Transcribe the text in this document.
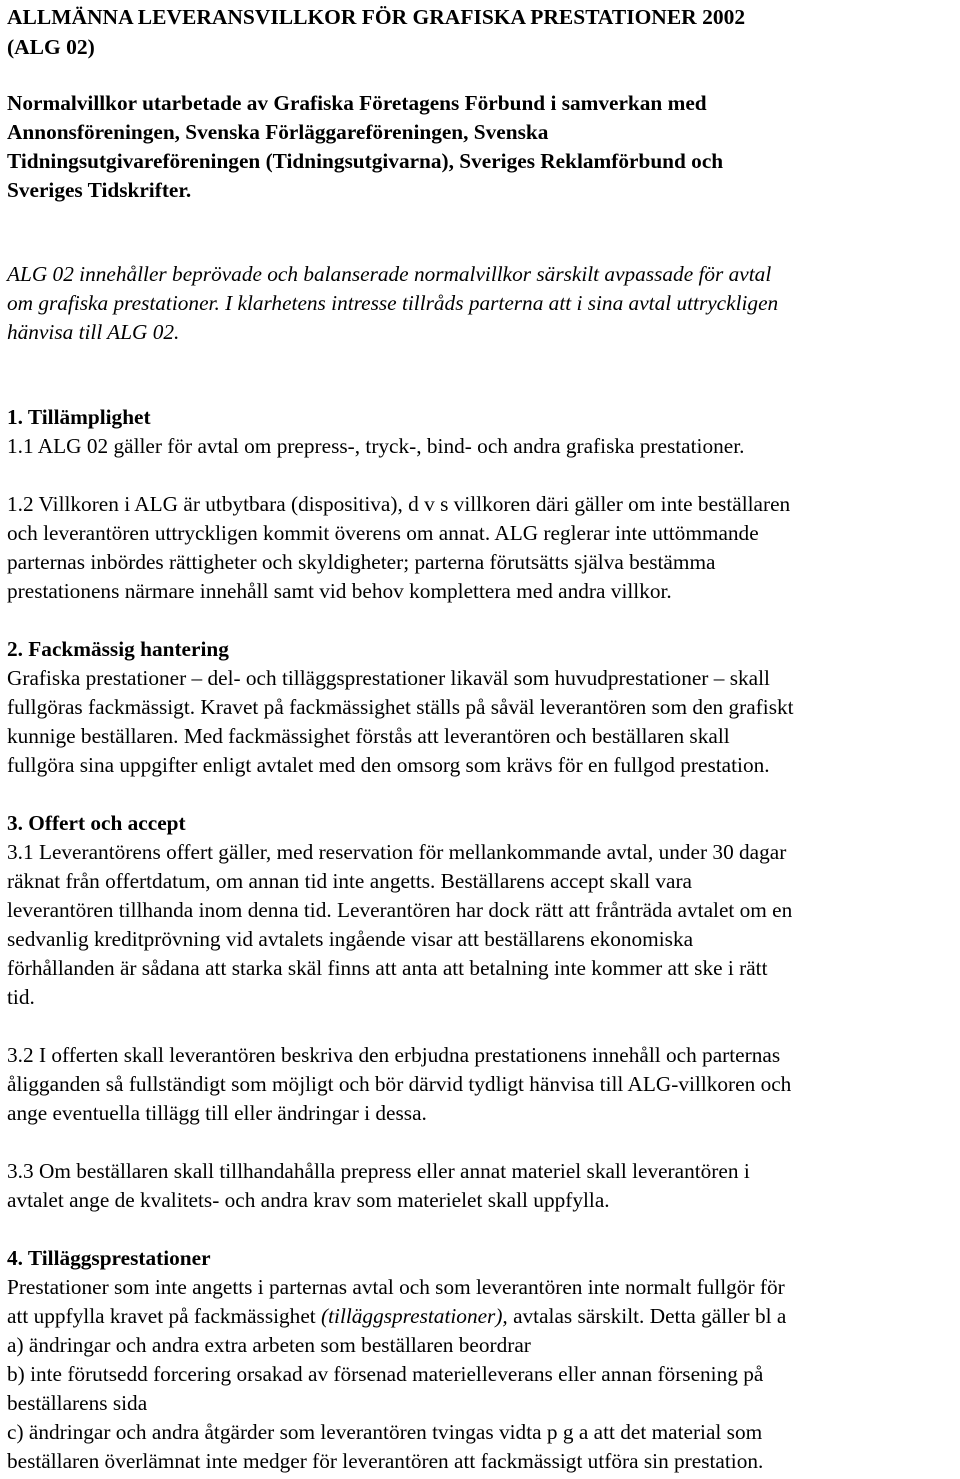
ALLMÄNNA LEVERANSVILLKOR FÖR GRAFISKA PRESTATIONER 2002
(ALG 02)
Normalvillkor utarbetade av Grafiska Företagens Förbund i samverkan med
Annonsföreningen, Svenska Förläggareföreningen, Svenska
Tidningsutgivareföreningen (Tidningsutgivarna), Sveriges Reklamförbund och
Sveriges Tidskrifter.
ALG 02 innehåller beprövade och balanserade normalvillkor särskilt avpassade för avtal
om grafiska prestationer. I klarhetens intresse tillråds parterna att i sina avtal uttryckligen
hänvisa till ALG 02.
1. Tillämplighet
1.1 ALG 02 gäller för avtal om prepress-, tryck-, bind- och andra grafiska prestationer.
1.2 Villkoren i ALG är utbytbara (dispositiva), d v s villkoren däri gäller om inte beställaren
och leverantören uttryckligen kommit överens om annat. ALG reglerar inte uttömmande
parternas inbördes rättigheter och skyldigheter; parterna förutsätts själva bestämma
prestationens närmare innehåll samt vid behov komplettera med andra villkor.
2. Fackmässig hantering
Grafiska prestationer – del- och tilläggsprestationer likaväl som huvudprestationer – skall
fullgöras fackmässigt. Kravet på fackmässighet ställs på såväl leverantören som den grafiskt
kunnige beställaren. Med fackmässighet förstås att leverantören och beställaren skall
fullgöra sina uppgifter enligt avtalet med den omsorg som krävs för en fullgod prestation.
3. Offert och accept
3.1 Leverantörens offert gäller, med reservation för mellankommande avtal, under 30 dagar
räknat från offertdatum, om annan tid inte angetts. Beställarens accept skall vara
leverantören tillhanda inom denna tid. Leverantören har dock rätt att frånträda avtalet om en
sedvanlig kreditprövning vid avtalets ingående visar att beställarens ekonomiska
förhållanden är sådana att starka skäl finns att anta att betalning inte kommer att ske i rätt
tid.
3.2 I offerten skall leverantören beskriva den erbjudna prestationens innehåll och parternas
åligganden så fullständigt som möjligt och bör därvid tydligt hänvisa till ALG-villkoren och
ange eventuella tillägg till eller ändringar i dessa.
3.3 Om beställaren skall tillhandahålla prepress eller annat materiel skall leverantören i
avtalet ange de kvalitets- och andra krav som materielet skall uppfylla.
4. Tilläggsprestationer
Prestationer som inte angetts i parternas avtal och som leverantören inte normalt fullgör för
att uppfylla kravet på fackmässighet (tilläggsprestationer), avtalas särskilt. Detta gäller bl a
a) ändringar och andra extra arbeten som beställaren beordrar
b) inte förutsedd forcering orsakad av försenad materielleverans eller annan försening på
beställarens sida
c) ändringar och andra åtgärder som leverantören tvingas vidta p g a att det material som
beställaren överlämnat inte medger för leverantören att fackmässigt utföra sin prestation.
